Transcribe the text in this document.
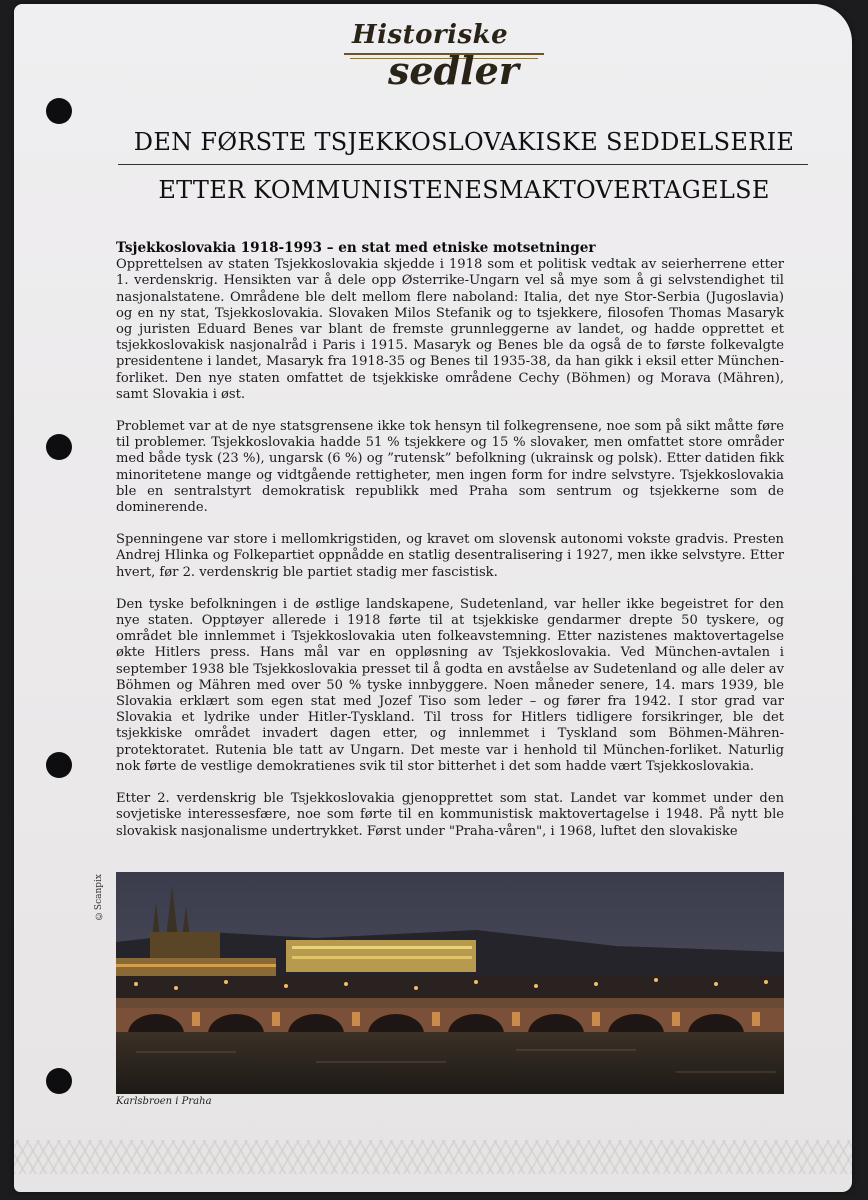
Historiske
sedler
DEN FØRSTE TSJEKKOSLOVAKISKE SEDDELSERIE
ETTER KOMMUNISTENESMAKTOVERTAGELSE
Tsjekkoslovakia 1918-1993 – en stat med etniske motsetninger

Opprettelsen av staten Tsjekkoslovakia skjedde i 1918 som et politisk vedtak av seierherrene etter 1. verdenskrig. Hensikten var å dele opp Østerrike-Ungarn vel så mye som å gi selvstendighet til nasjonalstatene. Områdene ble delt mellom flere naboland: Italia, det nye Stor-Serbia (Jugoslavia) og en ny stat, Tsjekkoslovakia. Slovaken Milos Stefanik og to tsjekkere, filosofen Thomas Masaryk og juristen Eduard Benes var blant de fremste grunnleggerne av landet, og hadde opprettet et tsjekkoslovakisk nasjonalråd i Paris i 1915. Masaryk og Benes ble da også de to første folkevalgte presidentene i landet, Masaryk fra 1918-35 og Benes til 1935-38, da han gikk i eksil etter München-forliket. Den nye staten omfattet de tsjekkiske områdene Cechy (Böhmen) og Morava (Mähren), samt Slovakia i øst.

Problemet var at de nye statsgrensene ikke tok hensyn til folkegrensene, noe som på sikt måtte føre til problemer. Tsjekkoslovakia hadde 51 % tsjekkere og 15 % slovaker, men omfattet store områder med både tysk (23 %), ungarsk (6 %) og ”rutensk” befolkning (ukrainsk og polsk). Etter datiden fikk minoritetene mange og vidtgående rettigheter, men ingen form for indre selvstyre. Tsjekkoslovakia ble en sentralstyrt demokratisk republikk med Praha som sentrum og tsjekkerne som de dominerende.

Spenningene var store i mellomkrigstiden, og kravet om slovensk autonomi vokste gradvis. Presten Andrej Hlinka og Folkepartiet oppnådde en statlig desentralisering i 1927, men ikke selvstyre. Etter hvert, før 2. verdenskrig ble partiet stadig mer fascistisk.

Den tyske befolkningen i de østlige landskapene, Sudetenland, var heller ikke begeistret for den nye staten. Opptøyer allerede i 1918 førte til at tsjekkiske gendarmer drepte 50 tyskere, og området ble innlemmet i Tsjekkoslovakia uten folkeavstemning. Etter nazistenes maktovertagelse økte Hitlers press. Hans mål var en oppløsning av Tsjekkoslovakia. Ved München-avtalen i september 1938 ble Tsjekkoslovakia presset til å godta en avståelse av Sudetenland og alle deler av Böhmen og Mähren med over 50 % tyske innbyggere. Noen måneder senere, 14. mars 1939, ble Slovakia erklært som egen stat med Jozef Tiso som leder – og fører fra 1942. I stor grad var Slovakia et lydrike under Hitler-Tyskland. Til tross for Hitlers tidligere forsikringer, ble det tsjekkiske området invadert dagen etter, og innlemmet i Tyskland som Böhmen-Mähren-protektoratet. Rutenia ble tatt av Ungarn. Det meste var i henhold til München-forliket. Naturlig nok førte de vestlige demokratienes svik til stor bitterhet i det som hadde vært Tsjekkoslovakia.

Etter 2. verdenskrig ble Tsjekkoslovakia gjenopprettet som stat. Landet var kommet under den sovjetiske interessesfære, noe som førte til en kommunistisk maktovertagelse i 1948. På nytt ble slovakisk nasjonalisme undertrykket. Først under "Praha-våren", i 1968, luftet den slovakiske

©Scanpix
Karlsbroen i Praha
